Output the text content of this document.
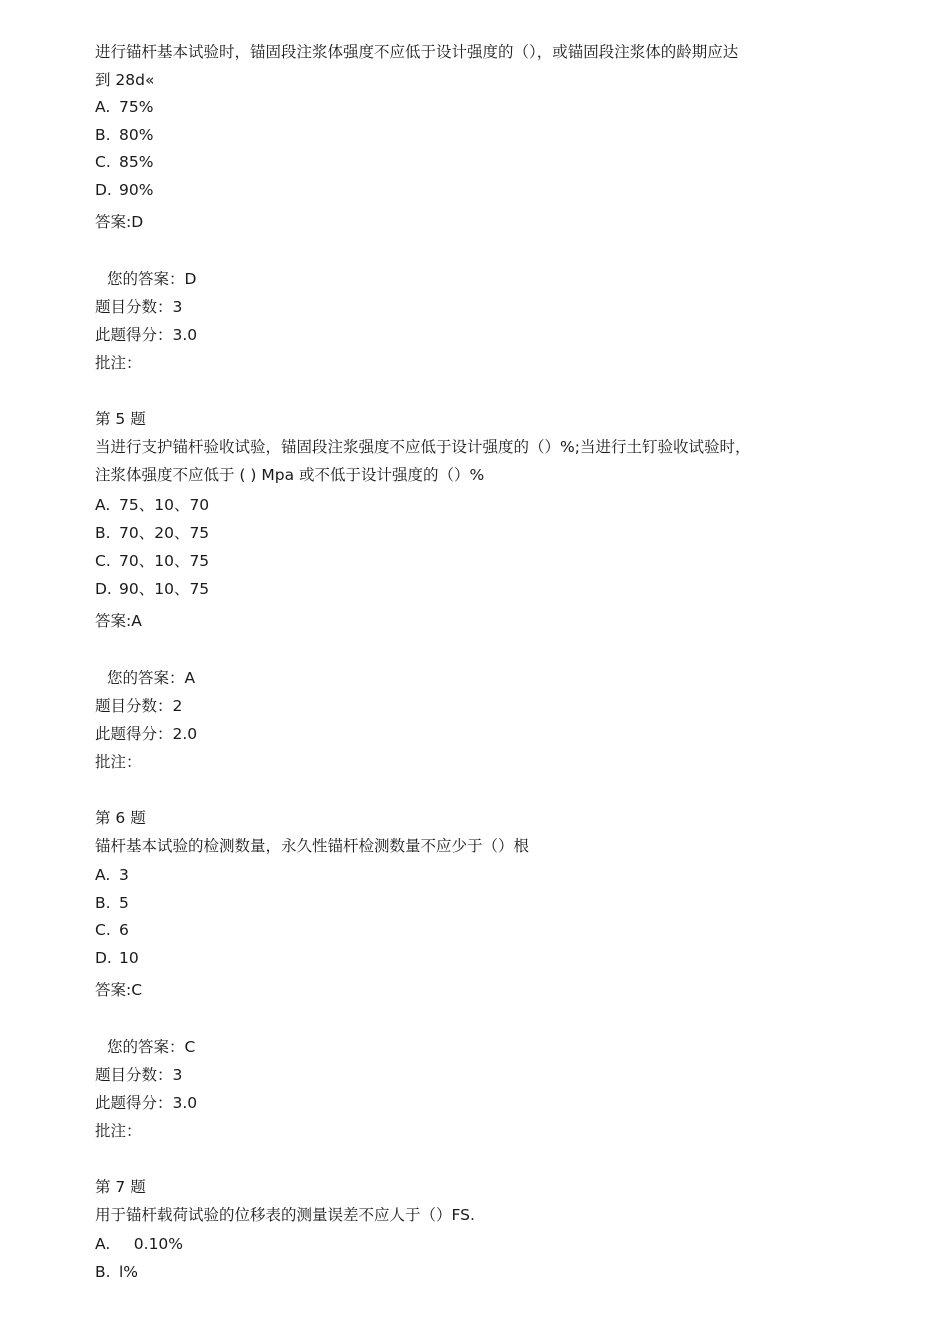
进行锚杆基本试验时，锚固段注浆体强度不应低于设计强度的（），或锚固段注浆体的龄期应达
到 28d«
A. 75%
B. 80%
C. 85%
D. 90%
答案:D
您的答案：D
题目分数：3
此题得分：3.0
批注：
第 5 题
当进行支护锚杆验收试验，锚固段注浆强度不应低于设计强度的（）%;当进行土钉验收试验时，
注浆体强度不应低于 ( ) Mpa 或不低于设计强度的（）%
A. 75、10、70
B. 70、20、75
C. 70、10、75
D. 90、10、75
答案:A
您的答案：A
题目分数：2
此题得分：2.0
批注：
第 6 题
锚杆基本试验的检测数量，永久性锚杆检测数量不应少于（）根
A. 3
B. 5
C. 6
D. 10
答案:C
您的答案：C
题目分数：3
此题得分：3.0
批注：
第 7 题
用于锚杆载荷试验的位移表的测量误差不应人于（）FS.
A.   0.10%
B. l%
